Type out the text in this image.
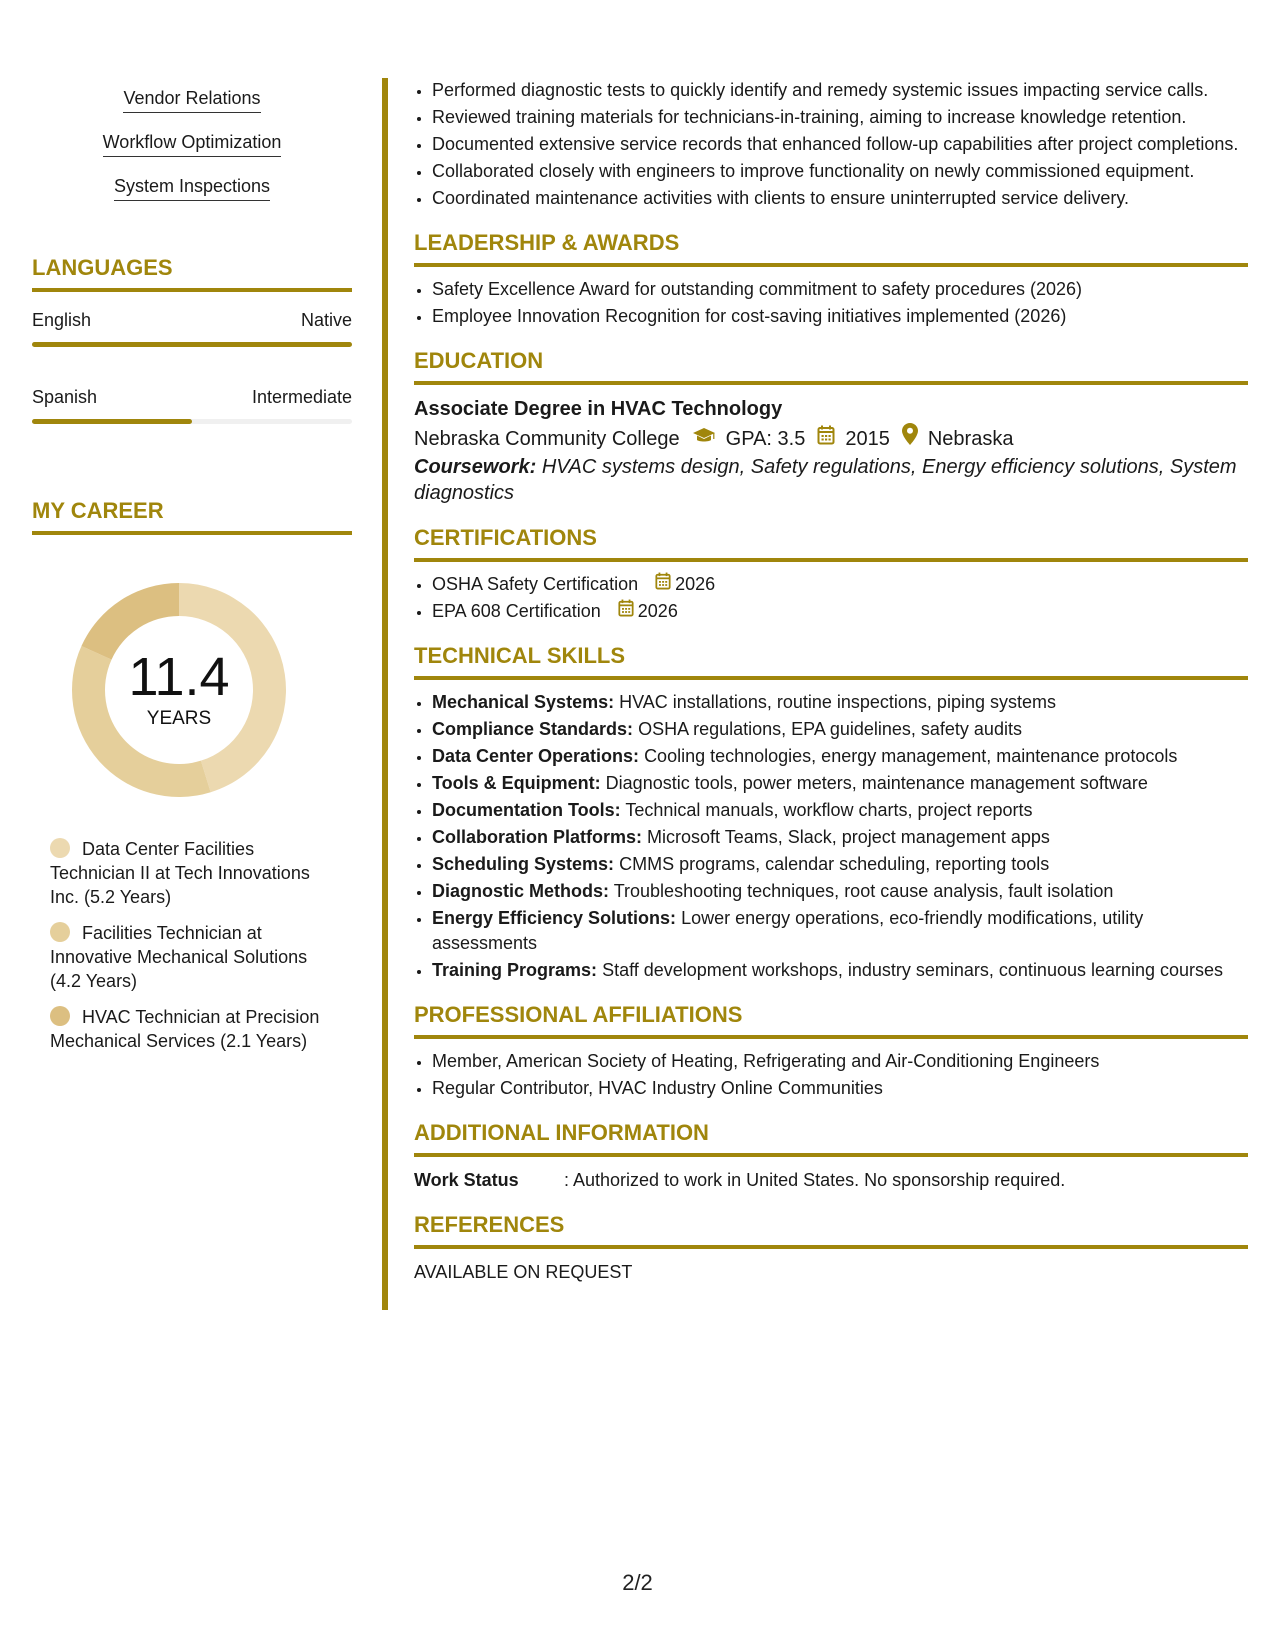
Vendor Relations
Workflow Optimization
System Inspections
LANGUAGES
English	Native
Spanish	Intermediate
MY CAREER
11.4
YEARS
Data Center Facilities Technician II at Tech Innovations Inc. (5.2 Years)
Facilities Technician at Innovative Mechanical Solutions (4.2 Years)
HVAC Technician at Precision Mechanical Services (2.1 Years)
• Performed diagnostic tests to quickly identify and remedy systemic issues impacting service calls.
• Reviewed training materials for technicians-in-training, aiming to increase knowledge retention.
• Documented extensive service records that enhanced follow-up capabilities after project completions.
• Collaborated closely with engineers to improve functionality on newly commissioned equipment.
• Coordinated maintenance activities with clients to ensure uninterrupted service delivery.
LEADERSHIP & AWARDS
• Safety Excellence Award for outstanding commitment to safety procedures (2026)
• Employee Innovation Recognition for cost-saving initiatives implemented (2026)
EDUCATION
Associate Degree in HVAC Technology
Nebraska Community College GPA: 3.5 2015 Nebraska
Coursework: HVAC systems design, Safety regulations, Energy efficiency solutions, System diagnostics
CERTIFICATIONS
• OSHA Safety Certification 2026
• EPA 608 Certification 2026
TECHNICAL SKILLS
• Mechanical Systems: HVAC installations, routine inspections, piping systems
• Compliance Standards: OSHA regulations, EPA guidelines, safety audits
• Data Center Operations: Cooling technologies, energy management, maintenance protocols
• Tools & Equipment: Diagnostic tools, power meters, maintenance management software
• Documentation Tools: Technical manuals, workflow charts, project reports
• Collaboration Platforms: Microsoft Teams, Slack, project management apps
• Scheduling Systems: CMMS programs, calendar scheduling, reporting tools
• Diagnostic Methods: Troubleshooting techniques, root cause analysis, fault isolation
• Energy Efficiency Solutions: Lower energy operations, eco-friendly modifications, utility assessments
• Training Programs: Staff development workshops, industry seminars, continuous learning courses
PROFESSIONAL AFFILIATIONS
• Member, American Society of Heating, Refrigerating and Air-Conditioning Engineers
• Regular Contributor, HVAC Industry Online Communities
ADDITIONAL INFORMATION
Work Status	: Authorized to work in United States. No sponsorship required.
REFERENCES
AVAILABLE ON REQUEST
2/2
